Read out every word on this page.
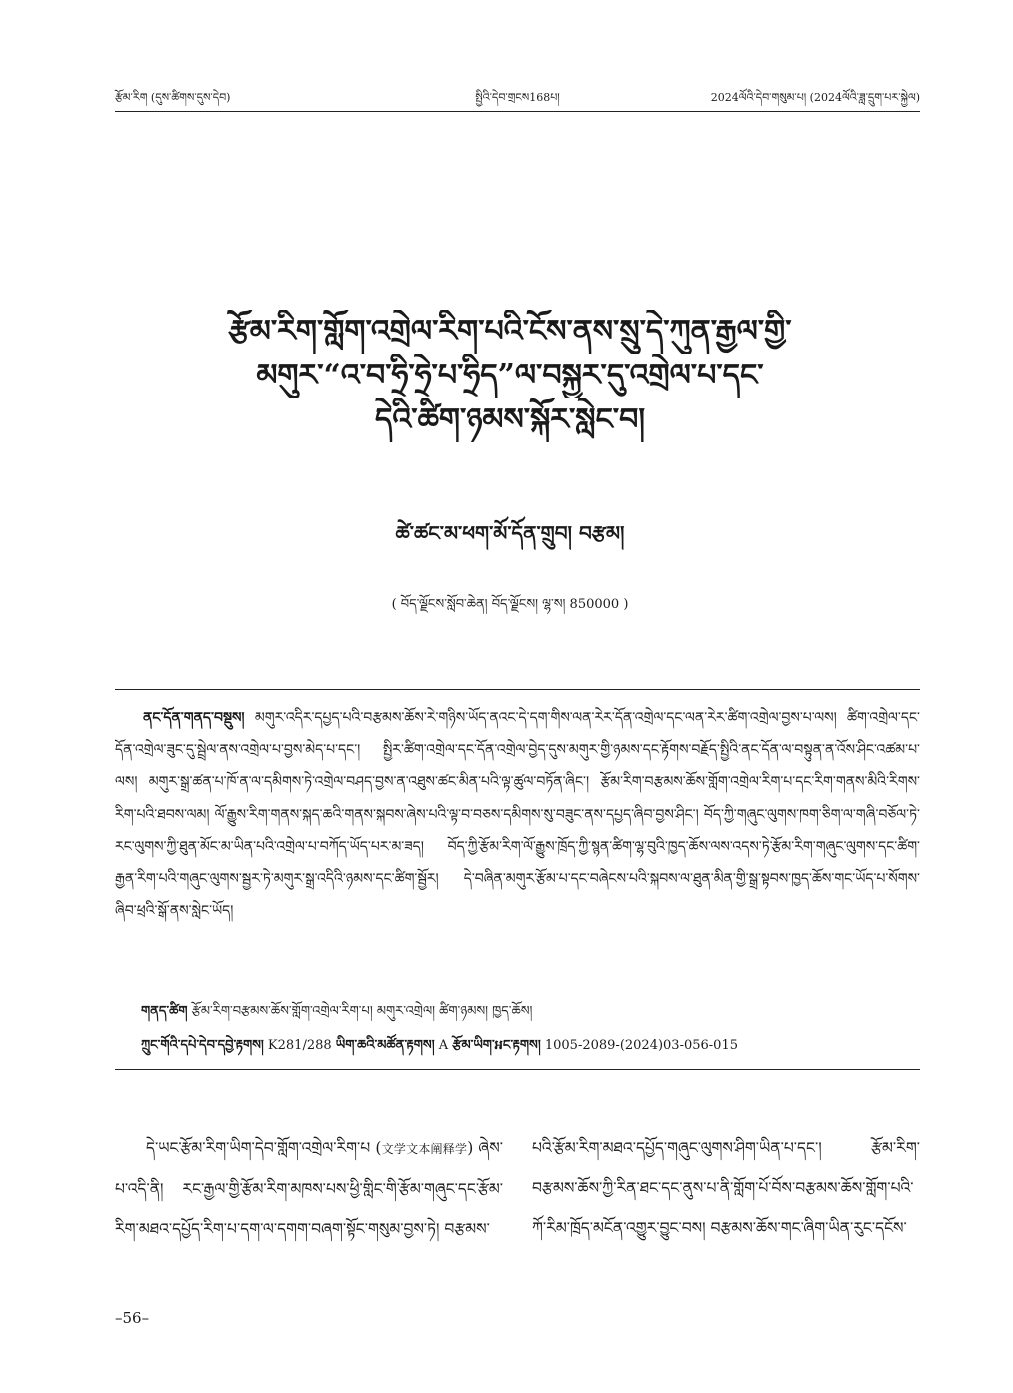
སྤྱིའི་དེབ་གྲངས168པ།
རྩོམ་རིག (དུས་ཚིགས་དུས་དེབ)	2024ལོའི་དེབ་གསུམ་པ། (2024ལོའི་ཟླ་དྲུག་པར་སྐྱེལ)
རྩོམ་རིག་གློག་འགྲེལ་རིག་པའི་ངོས་ནས་སྲུ་དེ་ཀུན་རྒྱལ་གྱི་
མགུར་“འ་བ་ཧྲི་ཧྲེ་པ་ཧྲིད”ལ་བསྐྱར་དུ་འགྲེལ་པ་དང་
དེའི་ཚིག་ཉམས་སྐོར་སླེང་བ།
ཚེ་ཚང་མ་ཕག་མོ་དོན་གྲུབ། བརྩམ།
( བོད་ལྗོངས་སློབ་ཆེན། བོད་ལྗོངས། ལྷ་ས། 850000 )
ནང་དོན་གནད་བསྡུས། མགུར་འདིར་དཔྱད་པའི་བརྩམས་ཆོས་རེ་གཉིས་ཡོད་ནའང་དེ་དག་གིས་ལན་རེར་དོན་འགྲེལ་དང་ལན་རེར་ཚིག་འགྲེལ་བྱས་པ་ལས། ཚིག་འགྲེལ་དང་དོན་འགྲེལ་ཟུང་དུ་སྦྲེལ་ནས་འགྲེལ་པ་བྱས་མེད་པ་དང་། སྤྱིར་ཚིག་འགྲེལ་དང་དོན་འགྲེལ་བྱེད་དུས་མགུར་གྱི་ཉམས་དང་རྟོགས་བརྗོད་སྤྱིའི་ནང་དོན་ལ་བསྟུན་ན་འོས་ཤིང་འཚམ་པ་ལས། མགུར་སྒྲ་ཚན་པ་ཁོ་ན་ལ་དམིགས་ཏེ་འགྲེལ་བཤད་བྱས་ན་འཐུས་ཚང་མིན་པའི་ལྟ་ཚུལ་བཏོན་ཞིང་། རྩོམ་རིག་བརྩམས་ཆོས་གློག་འགྲེལ་རིག་པ་དང་རིག་གནས་མིའི་རིགས་རིག་པའི་ཐབས་ལམ། ལོ་རྒྱུས་རིག་གནས་སྐད་ཆའི་གནས་སྐབས་ཞེས་པའི་ལྟ་བ་བཅས་དམིགས་སུ་བཟུང་ནས་དཔྱད་ཞིབ་བྱས་ཤིང་། བོད་ཀྱི་གཞུང་ལུགས་ཁག་ཅིག་ལ་གཞི་བཅོལ་ཏེ་རང་ལུགས་ཀྱི་ཐུན་མོང་མ་ཡིན་པའི་འགྲེལ་པ་བཀོད་ཡོད་པར་མ་ཟད། བོད་ཀྱི་རྩོམ་རིག་ལོ་རྒྱུས་ཁྲོད་ཀྱི་སྙན་ཚིག་ལྷ་བུའི་ཁྱད་ཆོས་ལས་འདས་ཏེ་རྩོམ་རིག་གཞུང་ལུགས་དང་ཚིག་རྒྱན་རིག་པའི་གཞུང་ལུགས་སྦྱར་ཏེ་མགུར་སྒྲ་འདིའི་ཉམས་དང་ཚིག་སྦྱོར། དེ་བཞིན་མགུར་རྩོམ་པ་དང་བཞེངས་པའི་སྐབས་ལ་ཐུན་མིན་གྱི་སྒྲ་སྟབས་ཁྱད་ཆོས་གང་ཡོད་པ་སོགས་ཞིབ་ཕྲའི་སྒོ་ནས་སླེང་ཡོད།
གནད་ཚིག རྩོམ་རིག་བརྩམས་ཆོས་གློག་འགྲེལ་རིག་པ། མགུར་འགྲེལ། ཚིག་ཉམས། ཁྱད་ཆོས།
ཀྲུང་གོའི་དཔེ་དེབ་དབྱེ་རྟགས། K281/288 ཡིག་ཆའི་མཚོན་རྟགས། A རྩོམ་ཡིག་អང་རྟགས། 1005-2089-(2024)03-056-015
དེ་ཡང་རྩོམ་རིག་ཡིག་དེབ་གློག་འགྲེལ་རིག་པ (文学文本阐释学) ཞེས་པ་འདི་ནི། རང་རྒྱལ་གྱི་རྩོམ་རིག་མཁས་པས་ཕྱི་གླིང་གི་རྩོམ་གཞུང་དང་རྩོམ་རིག་མཐའ་དཔྱོད་རིག་པ་དག་ལ་དགག་བཞག་སྟོང་གསུམ་བྱས་ཏེ། བརྩམས་
པའི་རྩོམ་རིག་མཐའ་དཔྱོད་གཞུང་ལུགས་ཤིག་ཡིན་པ་དང་། རྩོམ་རིག་བརྩམས་ཆོས་ཀྱི་རིན་ཐང་དང་ནུས་པ་ནི་གློག་པོ་བོས་བརྩམས་ཆོས་གློག་པའི་ཀོ་རིམ་ཁྲོད་མངོན་འགྱུར་བྱུང་བས། བརྩམས་ཆོས་གང་ཞིག་ཡིན་རུང་དངོས་
–56–
